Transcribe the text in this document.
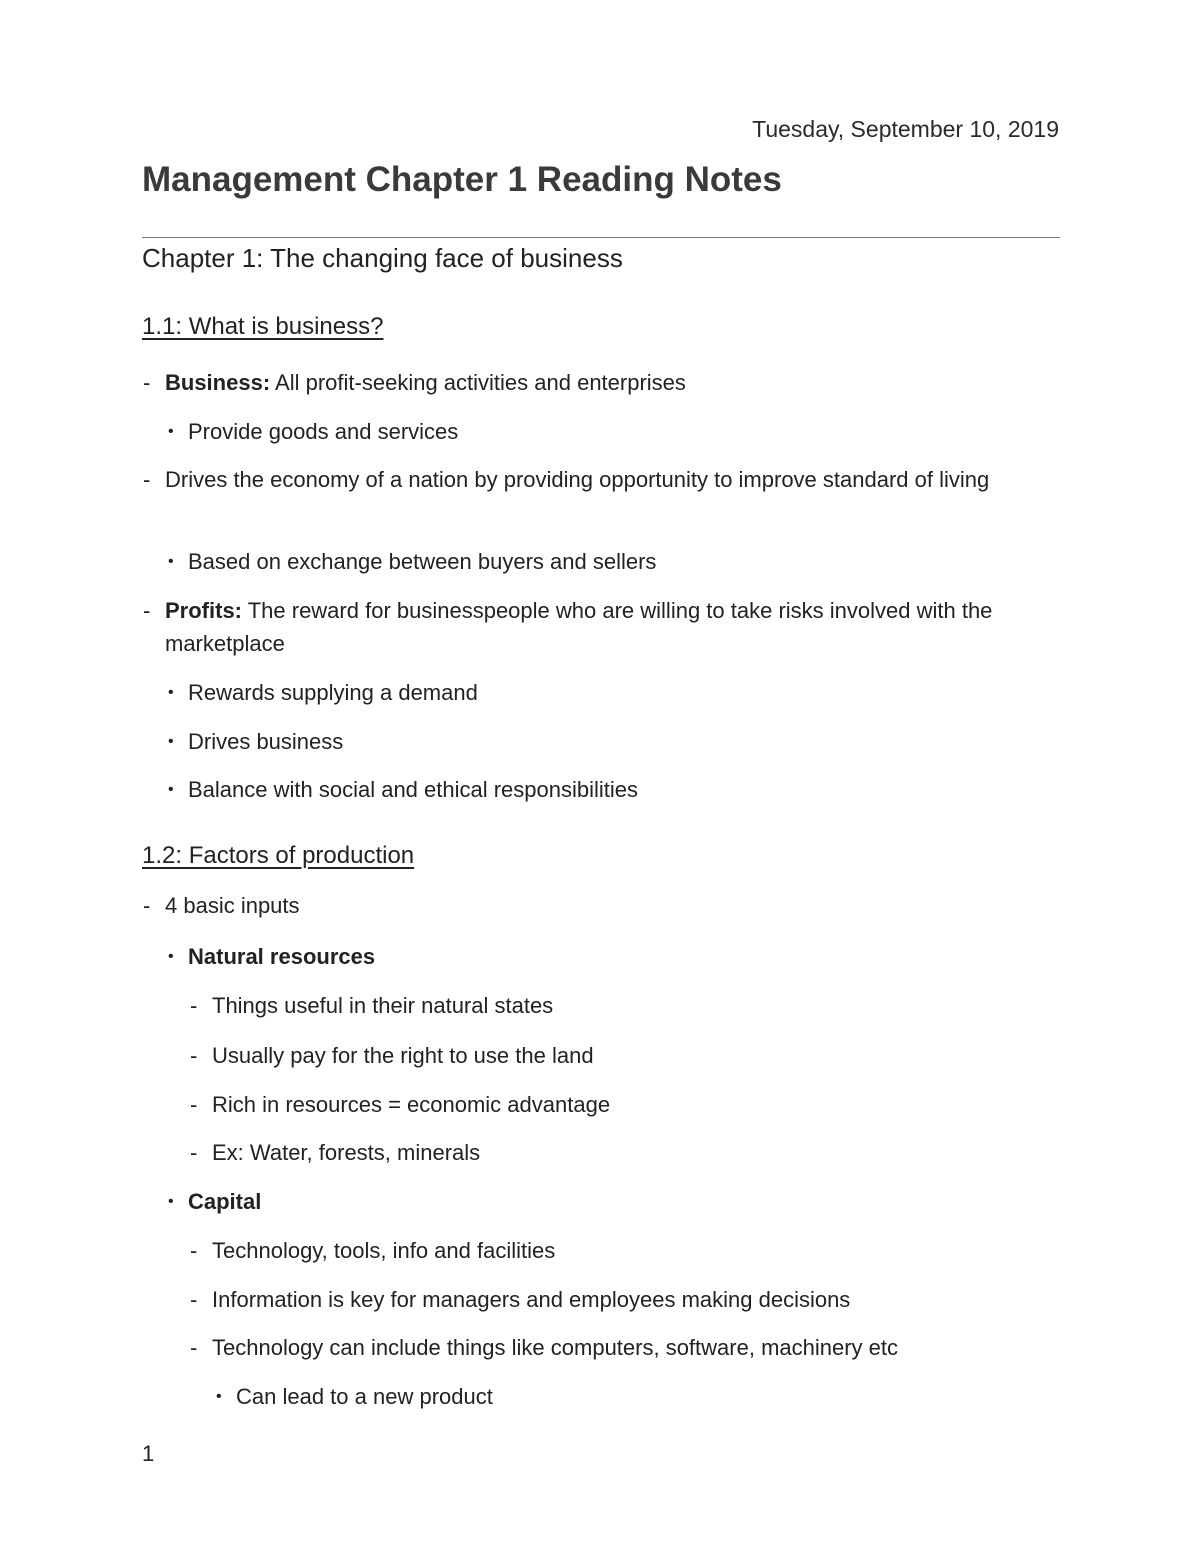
Tuesday, September 10, 2019
Management Chapter 1 Reading Notes
Chapter 1: The changing face of business
1.1: What is business?
- Business: All profit-seeking activities and enterprises
• Provide goods and services
- Drives the economy of a nation by providing opportunity to improve standard of living
• Based on exchange between buyers and sellers
- Profits: The reward for businesspeople who are willing to take risks involved with the marketplace
• Rewards supplying a demand
• Drives business
• Balance with social and ethical responsibilities
1.2: Factors of production
- 4 basic inputs
• Natural resources
- Things useful in their natural states
- Usually pay for the right to use the land
- Rich in resources = economic advantage
- Ex: Water, forests, minerals
• Capital
- Technology, tools, info and facilities
- Information is key for managers and employees making decisions
- Technology can include things like computers, software, machinery etc
• Can lead to a new product
1
